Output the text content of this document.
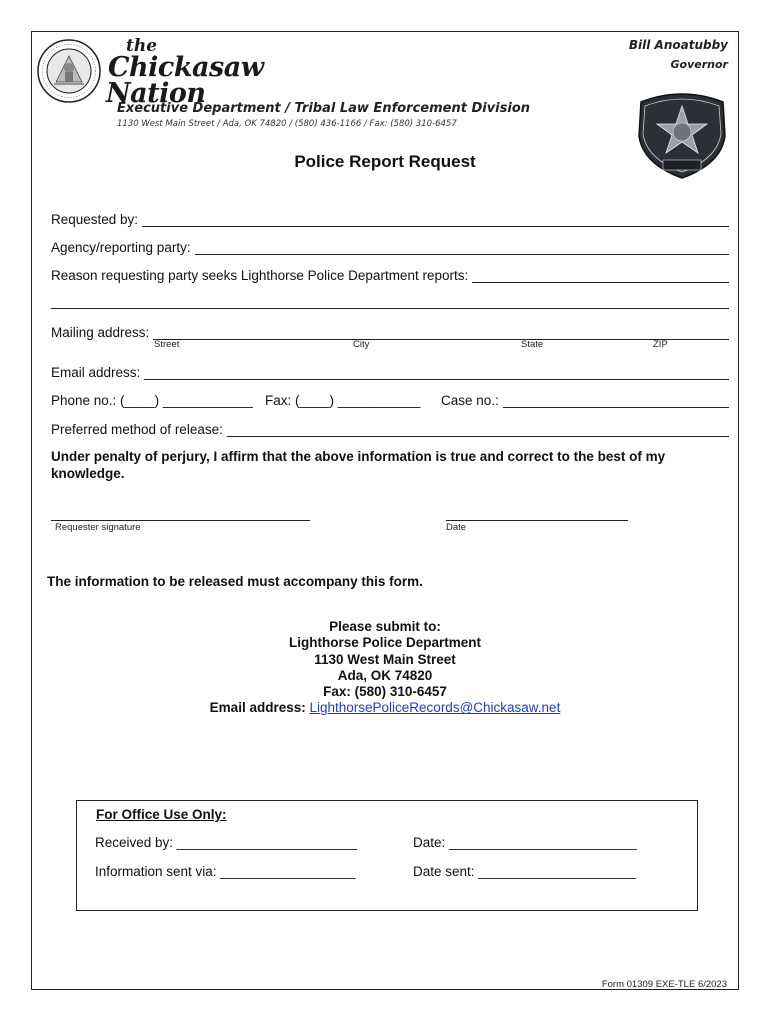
the
Chickasaw
Nation
Executive Department / Tribal Law Enforcement Division
1130 West Main Street / Ada, OK 74820 / (580) 436-1166 / Fax: (580) 310-6457
Bill Anoatubby
Governor
Police Report Request
Requested by:
Agency/reporting party:
Reason requesting party seeks Lighthorse Police Department reports:
Mailing address:
Street	City	State	ZIP
Email address:
Phone no.: (____) ____________ Fax: (____) ___________	Case no.:
Preferred method of release:
Under penalty of perjury, I affirm that the above information is true and correct to the best of my knowledge.
Requester signature	Date
The information to be released must accompany this form.
Please submit to:
Lighthorse Police Department
1130 West Main Street
Ada, OK 74820
Fax: (580) 310-6457
Email address: LighthorsePoliceRecords@Chickasaw.net
For Office Use Only:
Received by: ________________________	Date: _________________________
Information sent via: __________________	Date sent: _____________________
Form 01309 EXE-TLE 6/2023
